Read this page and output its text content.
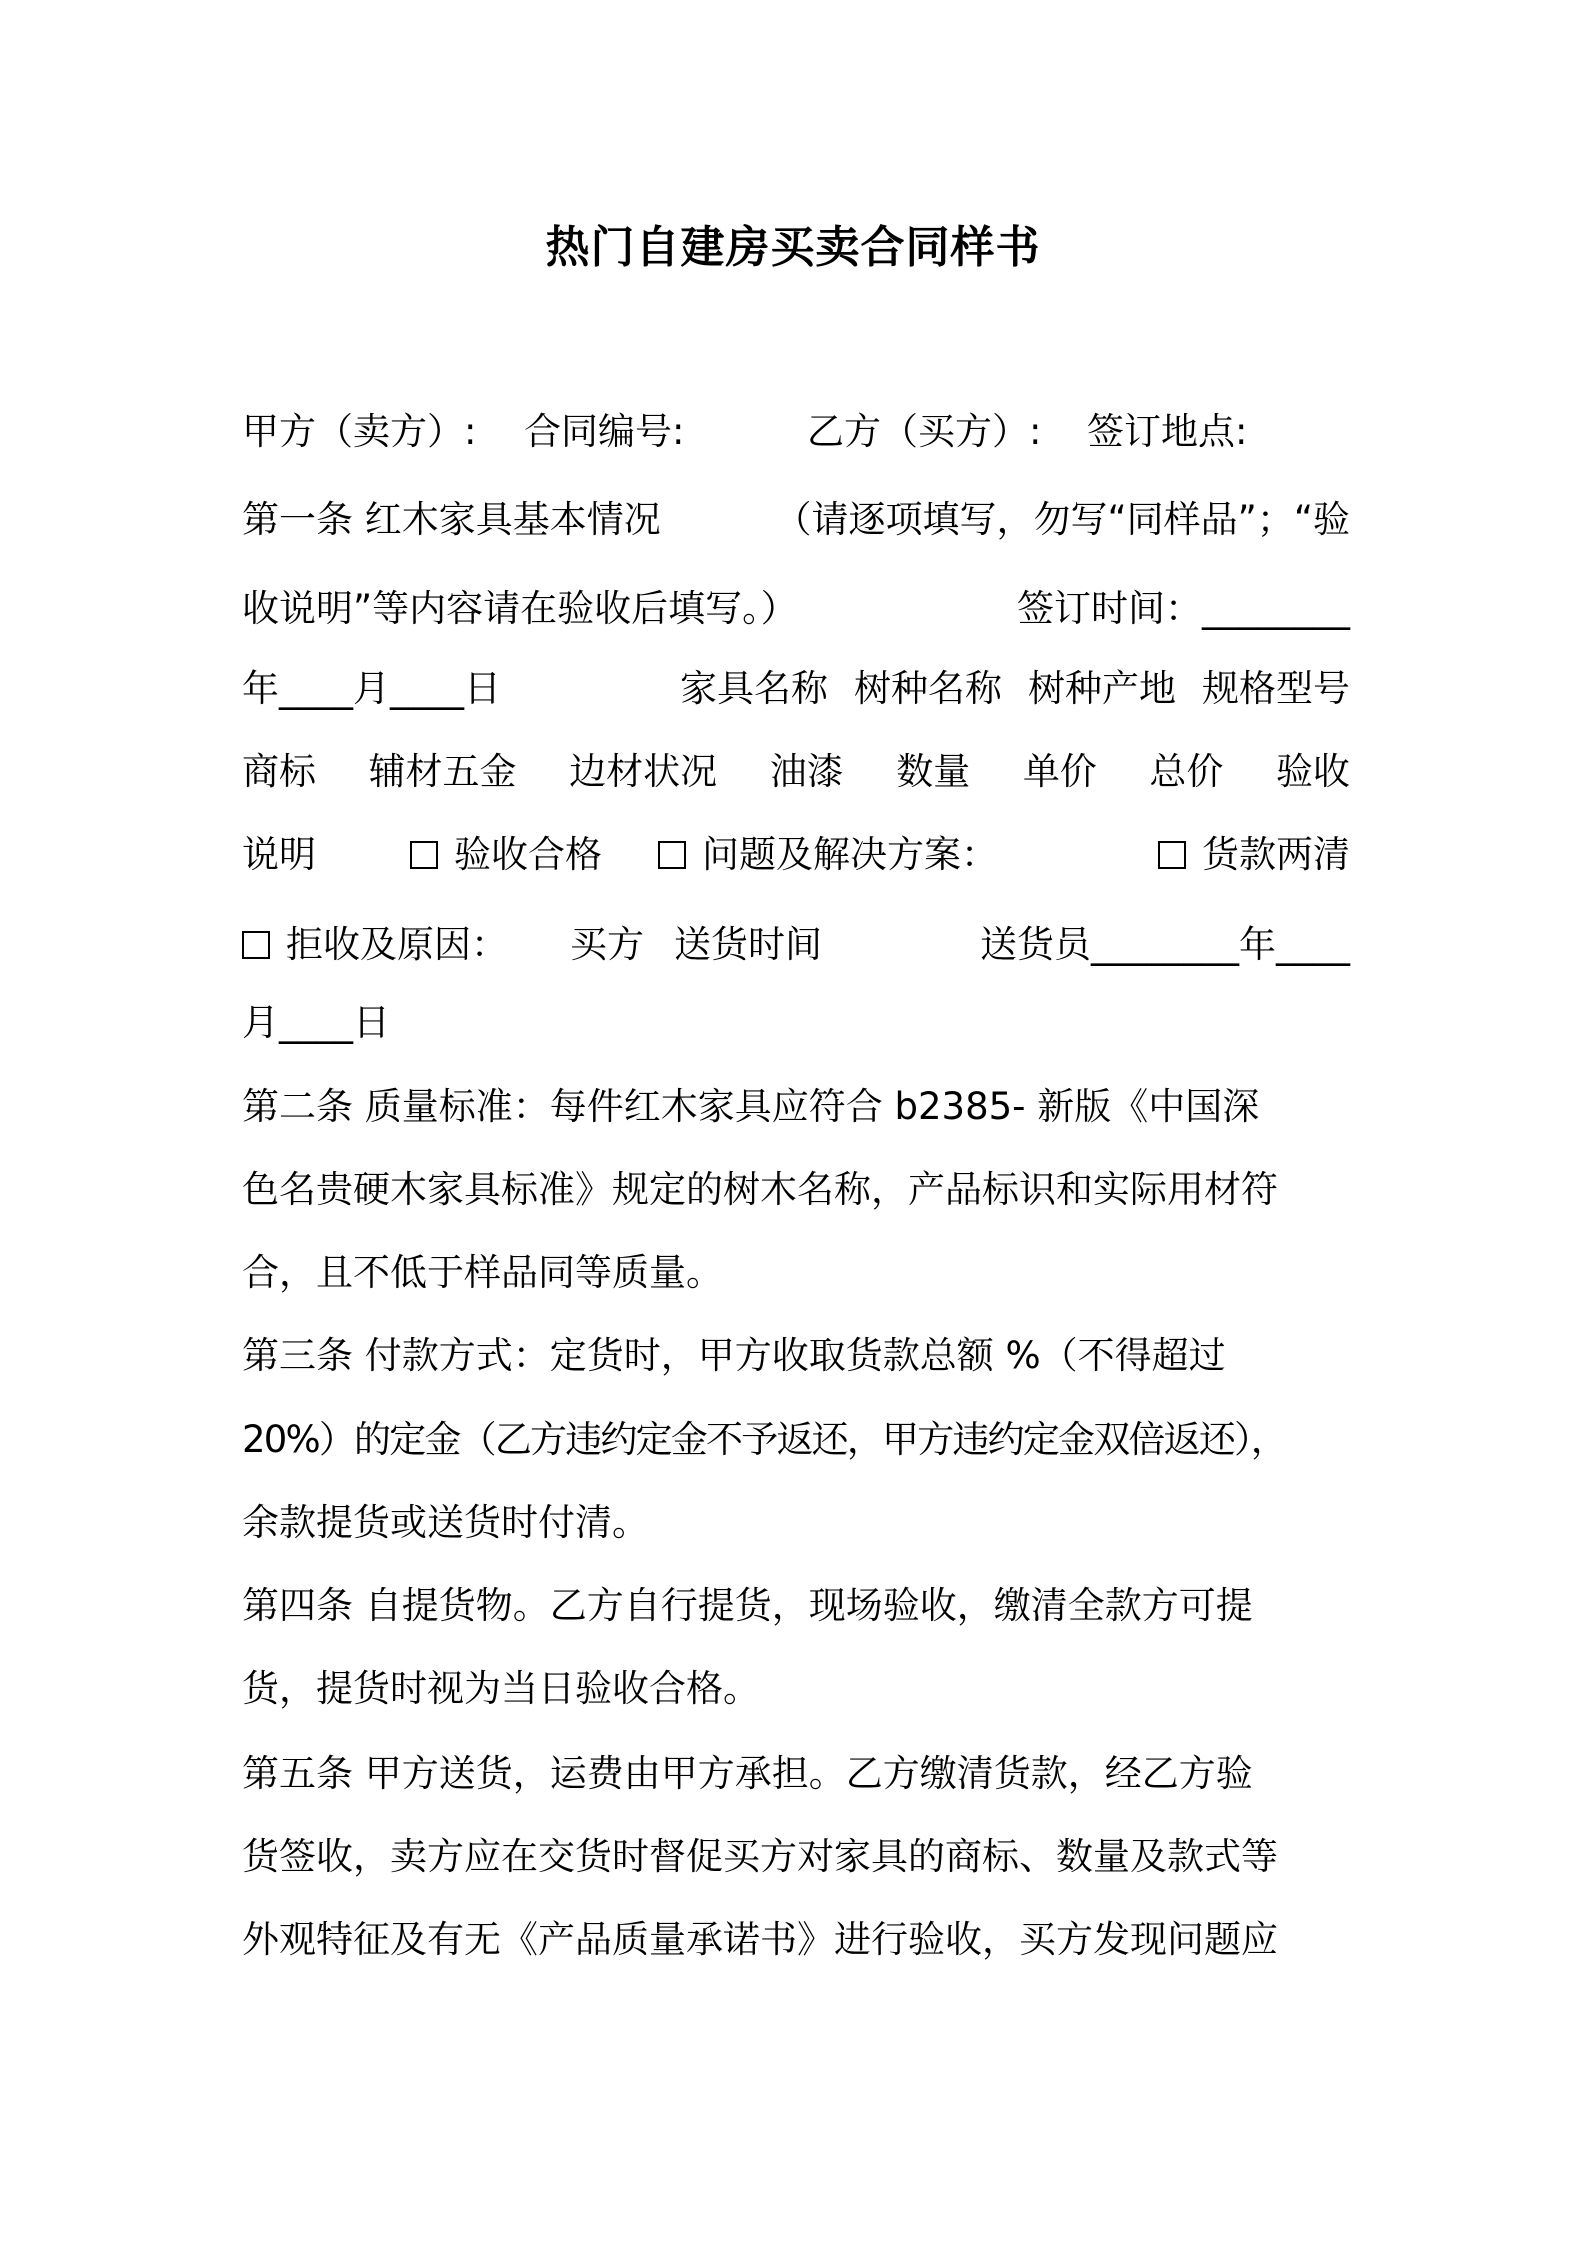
热门自建房买卖合同样书
甲方（卖方）: 合同编号:	乙方（买方）: 签订地点:
第一条 红木家具基本情况	（请逐项填写，勿写“同样品”；“验
收说明”等内容请在验收后填写。）	签订时间：________
年____月____日	家具名称 树种名称 树种产地 规格型号
商标 辅材五金 边材状况 油漆 数量 单价 总价 验收
说明	验收合格	问题及解决方案：	货款两清
拒收及原因： 买方 送货时间	送货员________年____
月____日
第二条 质量标准：每件红木家具应符合 b2385- 新版《中国深
色名贵硬木家具标准》规定的树木名称，产品标识和实际用材符
合，且不低于样品同等质量。
第三条 付款方式：定货时，甲方收取货款总额 %（不得超过
20%）的定金（乙方违约定金不予返还，甲方违约定金双倍返还），
余款提货或送货时付清。
第四条 自提货物。乙方自行提货，现场验收，缴清全款方可提
货，提货时视为当日验收合格。
第五条 甲方送货，运费由甲方承担。乙方缴清货款，经乙方验
货签收，卖方应在交货时督促买方对家具的商标、数量及款式等
外观特征及有无《产品质量承诺书》进行验收，买方发现问题应
